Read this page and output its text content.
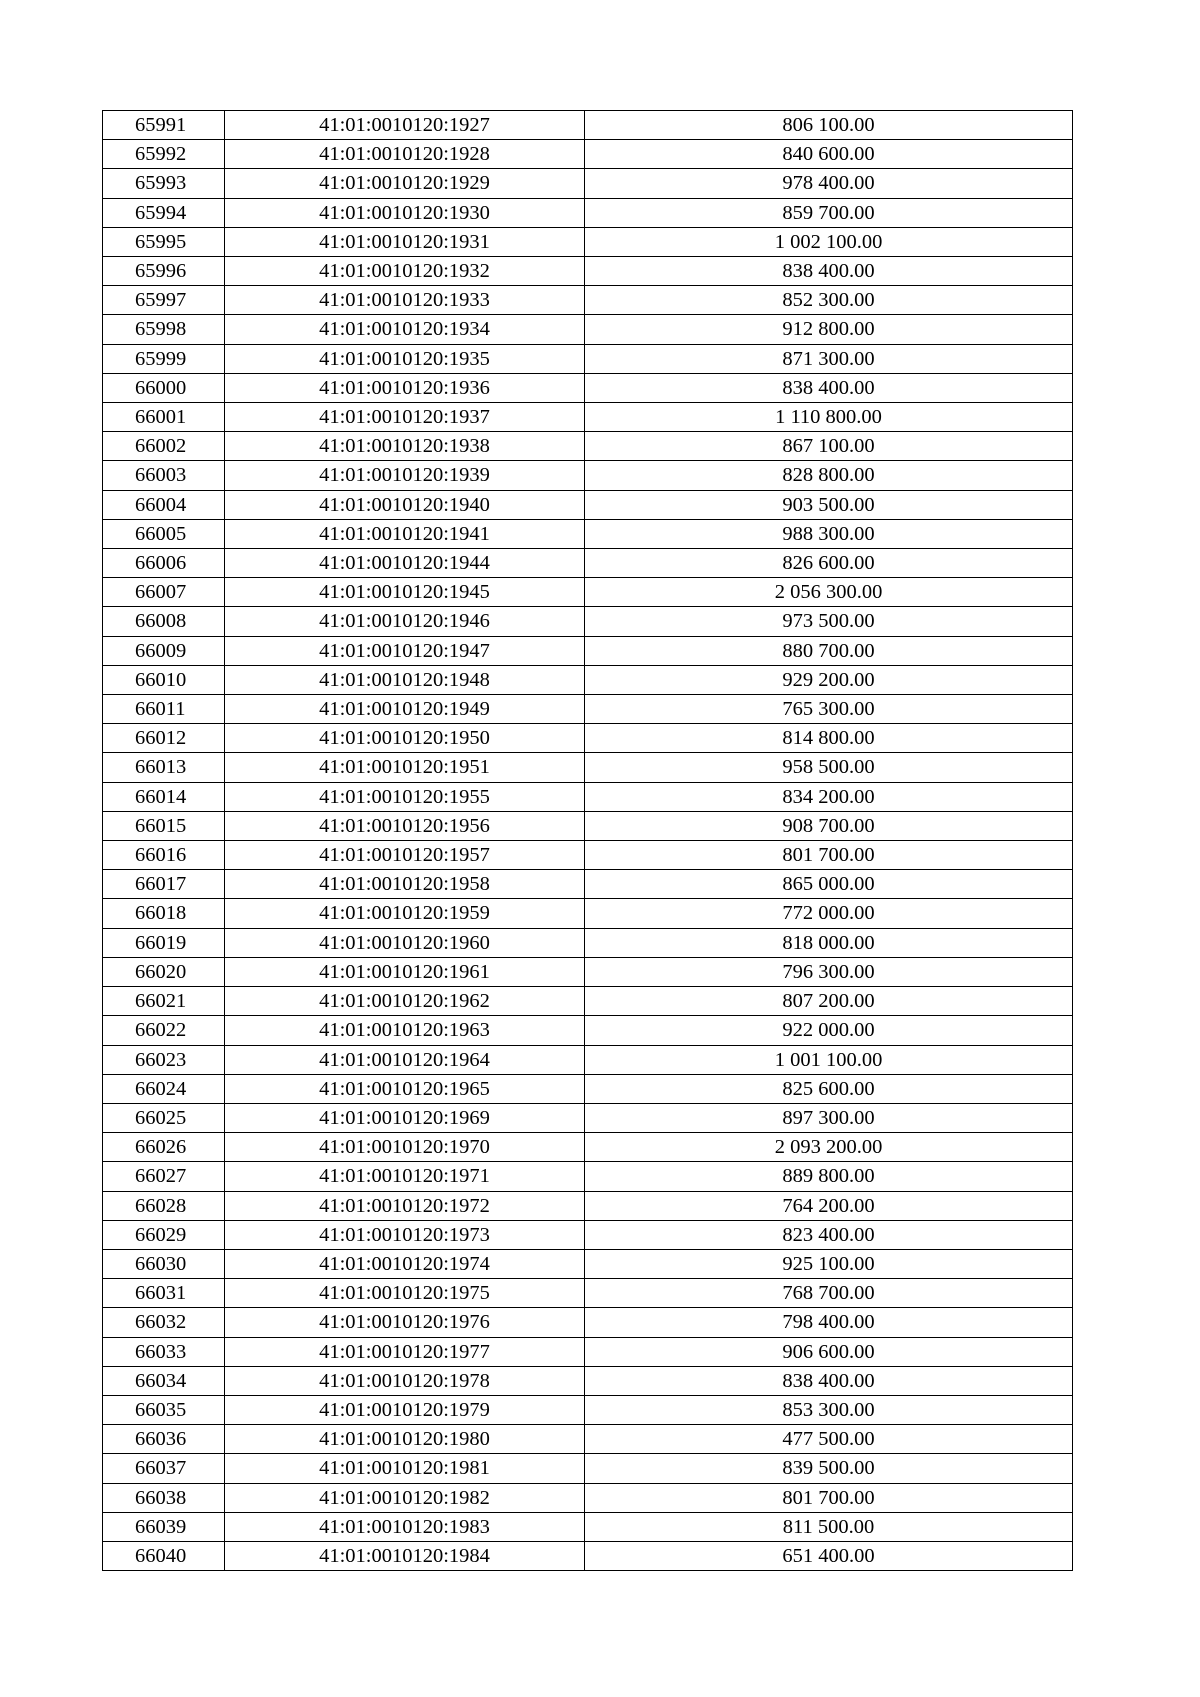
65991	41:01:0010120:1927	806 100.00
65992	41:01:0010120:1928	840 600.00
65993	41:01:0010120:1929	978 400.00
65994	41:01:0010120:1930	859 700.00
65995	41:01:0010120:1931	1 002 100.00
65996	41:01:0010120:1932	838 400.00
65997	41:01:0010120:1933	852 300.00
65998	41:01:0010120:1934	912 800.00
65999	41:01:0010120:1935	871 300.00
66000	41:01:0010120:1936	838 400.00
66001	41:01:0010120:1937	1 110 800.00
66002	41:01:0010120:1938	867 100.00
66003	41:01:0010120:1939	828 800.00
66004	41:01:0010120:1940	903 500.00
66005	41:01:0010120:1941	988 300.00
66006	41:01:0010120:1944	826 600.00
66007	41:01:0010120:1945	2 056 300.00
66008	41:01:0010120:1946	973 500.00
66009	41:01:0010120:1947	880 700.00
66010	41:01:0010120:1948	929 200.00
66011	41:01:0010120:1949	765 300.00
66012	41:01:0010120:1950	814 800.00
66013	41:01:0010120:1951	958 500.00
66014	41:01:0010120:1955	834 200.00
66015	41:01:0010120:1956	908 700.00
66016	41:01:0010120:1957	801 700.00
66017	41:01:0010120:1958	865 000.00
66018	41:01:0010120:1959	772 000.00
66019	41:01:0010120:1960	818 000.00
66020	41:01:0010120:1961	796 300.00
66021	41:01:0010120:1962	807 200.00
66022	41:01:0010120:1963	922 000.00
66023	41:01:0010120:1964	1 001 100.00
66024	41:01:0010120:1965	825 600.00
66025	41:01:0010120:1969	897 300.00
66026	41:01:0010120:1970	2 093 200.00
66027	41:01:0010120:1971	889 800.00
66028	41:01:0010120:1972	764 200.00
66029	41:01:0010120:1973	823 400.00
66030	41:01:0010120:1974	925 100.00
66031	41:01:0010120:1975	768 700.00
66032	41:01:0010120:1976	798 400.00
66033	41:01:0010120:1977	906 600.00
66034	41:01:0010120:1978	838 400.00
66035	41:01:0010120:1979	853 300.00
66036	41:01:0010120:1980	477 500.00
66037	41:01:0010120:1981	839 500.00
66038	41:01:0010120:1982	801 700.00
66039	41:01:0010120:1983	811 500.00
66040	41:01:0010120:1984	651 400.00
